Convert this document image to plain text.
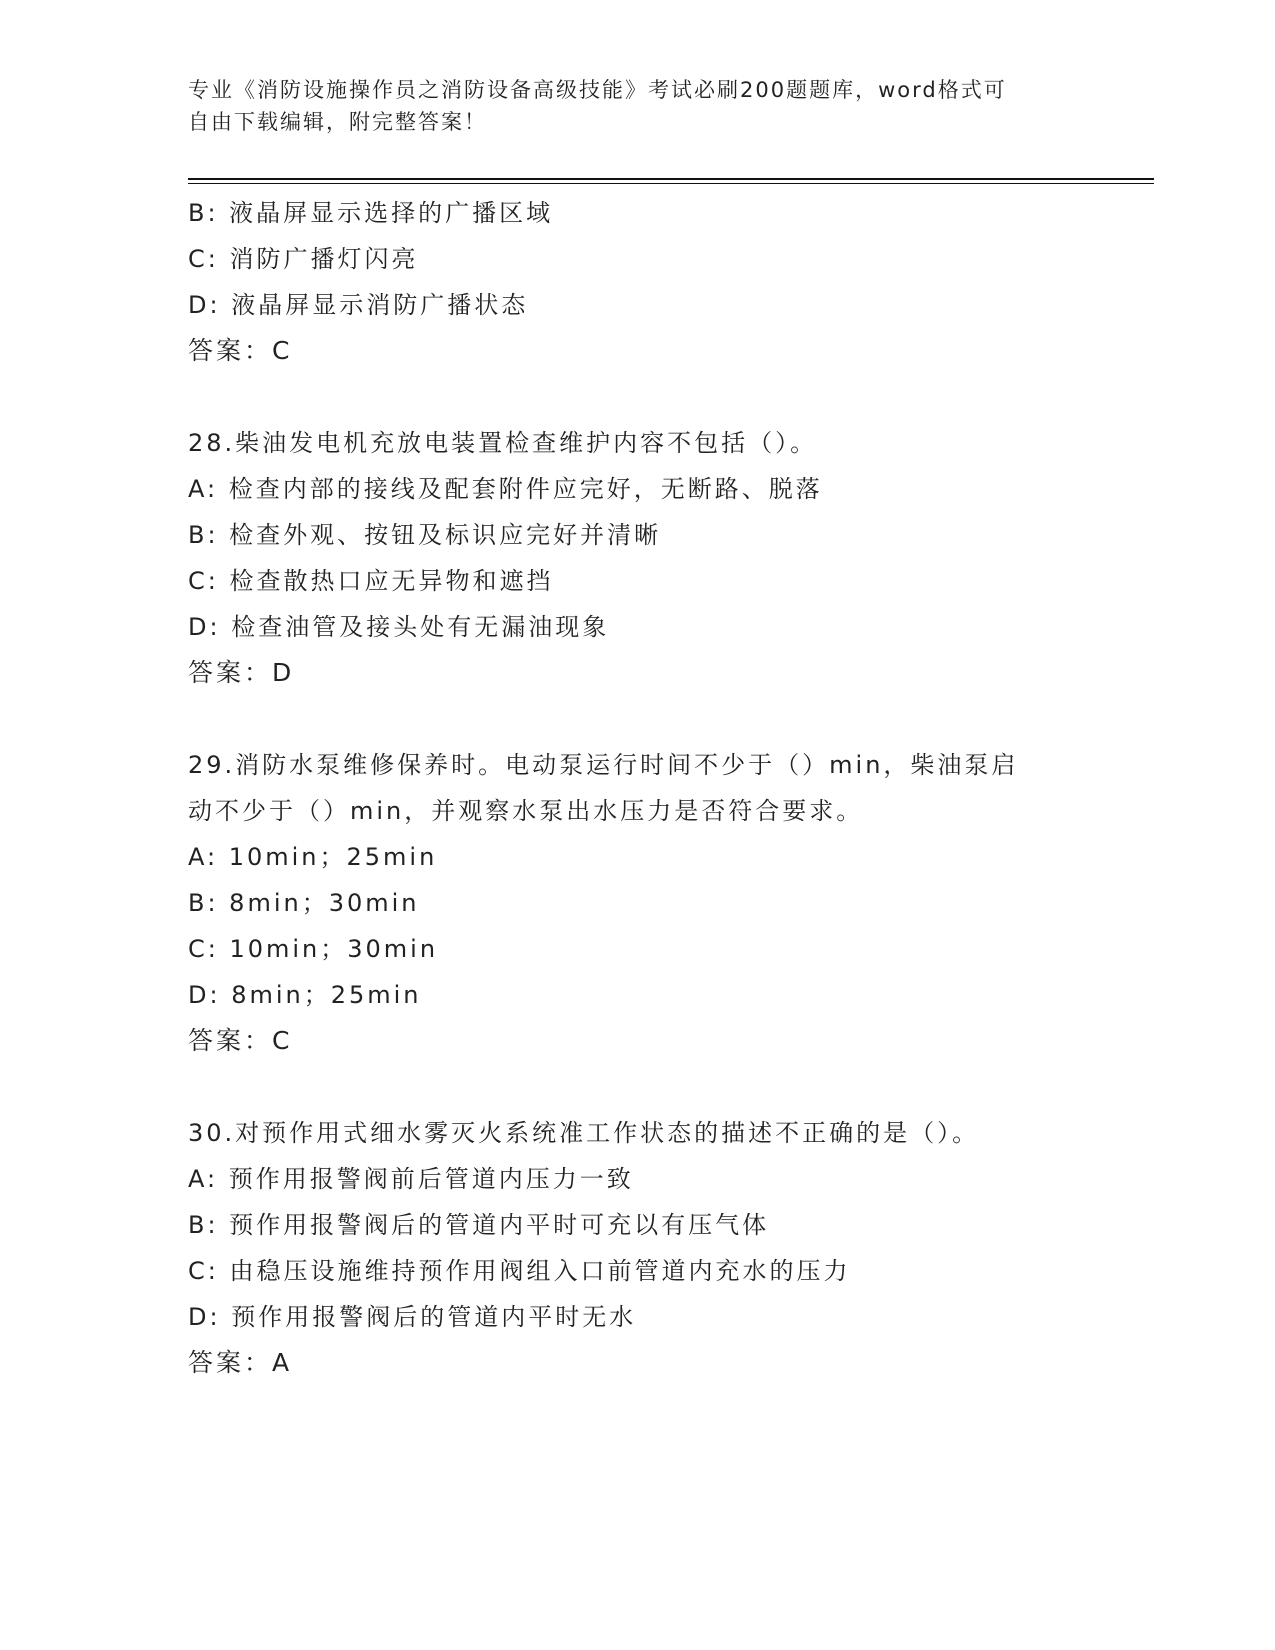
专业《消防设施操作员之消防设备高级技能》考试必刷200题题库，word格式可
自由下载编辑，附完整答案！
B: 液晶屏显示选择的广播区域
C: 消防广播灯闪亮
D: 液晶屏显示消防广播状态
答案：C
28.柴油发电机充放电装置检查维护内容不包括（）。
A: 检查内部的接线及配套附件应完好，无断路、脱落
B: 检查外观、按钮及标识应完好并清晰
C: 检查散热口应无异物和遮挡
D: 检查油管及接头处有无漏油现象
答案：D
29.消防水泵维修保养时。电动泵运行时间不少于（）min，柴油泵启
动不少于（）min，并观察水泵出水压力是否符合要求。
A: 10min；25min
B: 8min；30min
C: 10min；30min
D: 8min；25min
答案：C
30.对预作用式细水雾灭火系统准工作状态的描述不正确的是（）。
A: 预作用报警阀前后管道内压力一致
B: 预作用报警阀后的管道内平时可充以有压气体
C: 由稳压设施维持预作用阀组入口前管道内充水的压力
D: 预作用报警阀后的管道内平时无水
答案：A
